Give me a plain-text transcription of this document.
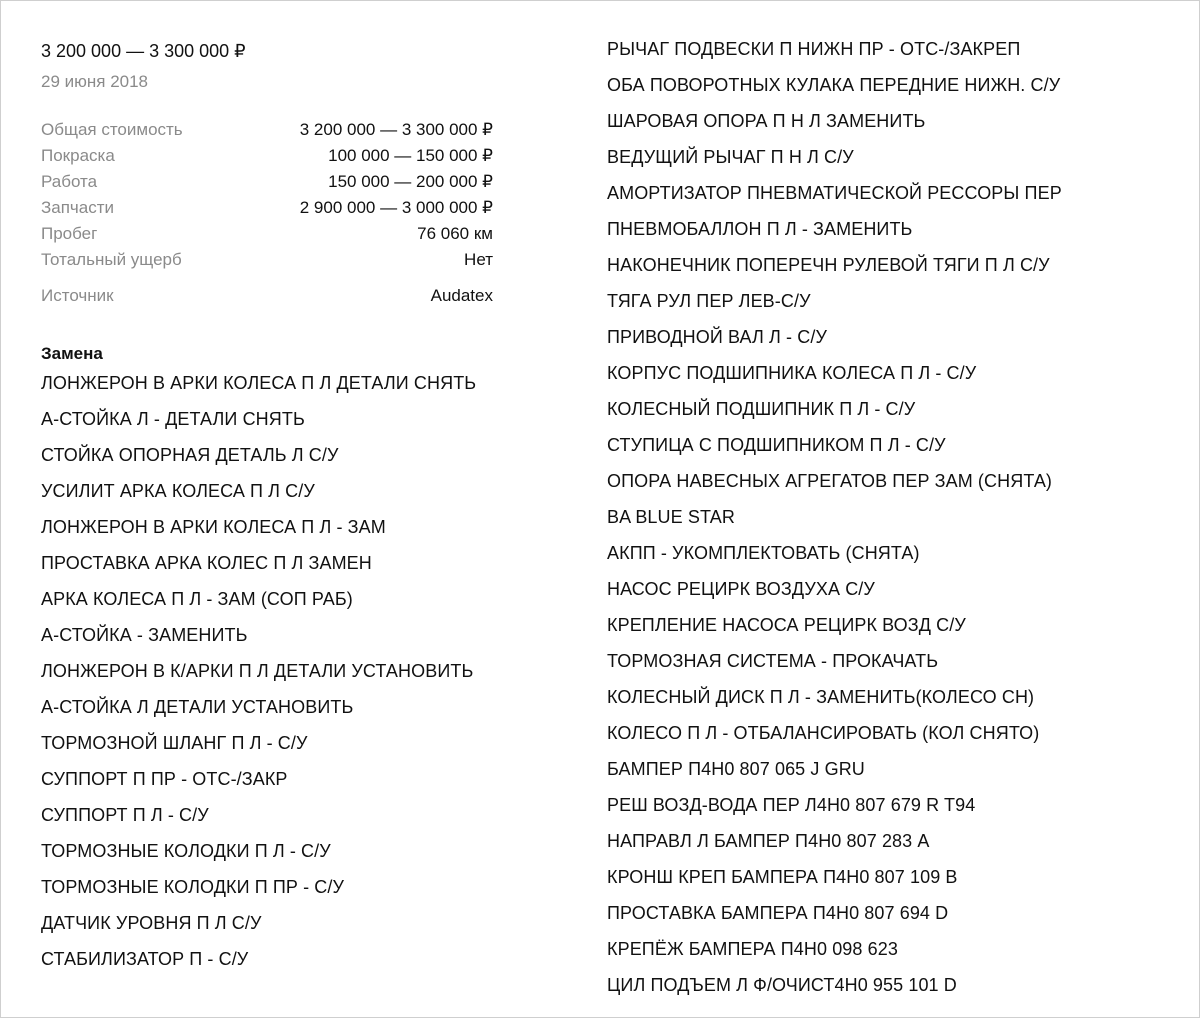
3 200 000 — 3 300 000 ₽
29 июня 2018
Общая стоимость	3 200 000 — 3 300 000 ₽
Покраска	100 000 — 150 000 ₽
Работа	150 000 — 200 000 ₽
Запчасти	2 900 000 — 3 000 000 ₽
Пробег	76 060 км
Тотальный ущерб	Нет
Источник	Audatex
Замена
ЛОНЖЕРОН В АРКИ КОЛЕСА П Л ДЕТАЛИ СНЯТЬ
А-СТОЙКА Л - ДЕТАЛИ СНЯТЬ
СТОЙКА ОПОРНАЯ ДЕТАЛЬ Л С/У
УСИЛИТ АРКА КОЛЕСА П Л С/У
ЛОНЖЕРОН В АРКИ КОЛЕСА П Л - ЗАМ
ПРОСТАВКА АРКА КОЛЕС П Л ЗАМЕН
АРКА КОЛЕСА П Л - ЗАМ (СОП РАБ)
А-СТОЙКА - ЗАМЕНИТЬ
ЛОНЖЕРОН В К/АРКИ П Л ДЕТАЛИ УСТАНОВИТЬ
А-СТОЙКА Л ДЕТАЛИ УСТАНОВИТЬ
ТОРМОЗНОЙ ШЛАНГ П Л - С/У
СУППОРТ П ПР - ОТС-/ЗАКР
СУППОРТ П Л - С/У
ТОРМОЗНЫЕ КОЛОДКИ П Л - С/У
ТОРМОЗНЫЕ КОЛОДКИ П ПР - С/У
ДАТЧИК УРОВНЯ П Л С/У
СТАБИЛИЗАТОР П - С/У
РЫЧАГ ПОДВЕСКИ П НИЖН ПР - ОТС-/ЗАКРЕП
ОБА ПОВОРОТНЫХ КУЛАКА ПЕРЕДНИЕ НИЖН. С/У
ШАРОВАЯ ОПОРА П Н Л ЗАМЕНИТЬ
ВЕДУЩИЙ РЫЧАГ П Н Л С/У
АМОРТИЗАТОР ПНЕВМАТИЧЕСКОЙ РЕССОРЫ ПЕР
ПНЕВМОБАЛЛОН П Л - ЗАМЕНИТЬ
НАКОНЕЧНИК ПОПЕРЕЧН РУЛЕВОЙ ТЯГИ П Л С/У
ТЯГА РУЛ ПЕР ЛЕВ-С/У
ПРИВОДНОЙ ВАЛ Л - С/У
КОРПУС ПОДШИПНИКА КОЛЕСА П Л - С/У
КОЛЕСНЫЙ ПОДШИПНИК П Л - С/У
СТУПИЦА С ПОДШИПНИКОМ П Л - С/У
ОПОРА НАВЕСНЫХ АГРЕГАТОВ ПЕР ЗАМ (СНЯТА)
BA BLUE STAR
АКПП - УКОМПЛЕКТОВАТЬ (СНЯТА)
НАСОС РЕЦИРК ВОЗДУХА С/У
КРЕПЛЕНИЕ НАСОСА РЕЦИРК ВОЗД С/У
ТОРМОЗНАЯ СИСТЕМА - ПРОКАЧАТЬ
КОЛЕСНЫЙ ДИСК П Л - ЗАМЕНИТЬ(КОЛЕСО СН)
КОЛЕСО П Л - ОТБАЛАНСИРОВАТЬ (КОЛ СНЯТО)
БАМПЕР П4Н0 807 065 J GRU
РЕШ ВОЗД-ВОДА ПЕР Л4Н0 807 679 R T94
НАПРАВЛ Л БАМПЕР П4Н0 807 283 A
КРОНШ КРЕП БАМПЕРА П4Н0 807 109 B
ПРОСТАВКА БАМПЕРА П4Н0 807 694 D
КРЕПЁЖ БАМПЕРА П4Н0 098 623
ЦИЛ ПОДЪЕМ Л Ф/ОЧИСТ4Н0 955 101 D
